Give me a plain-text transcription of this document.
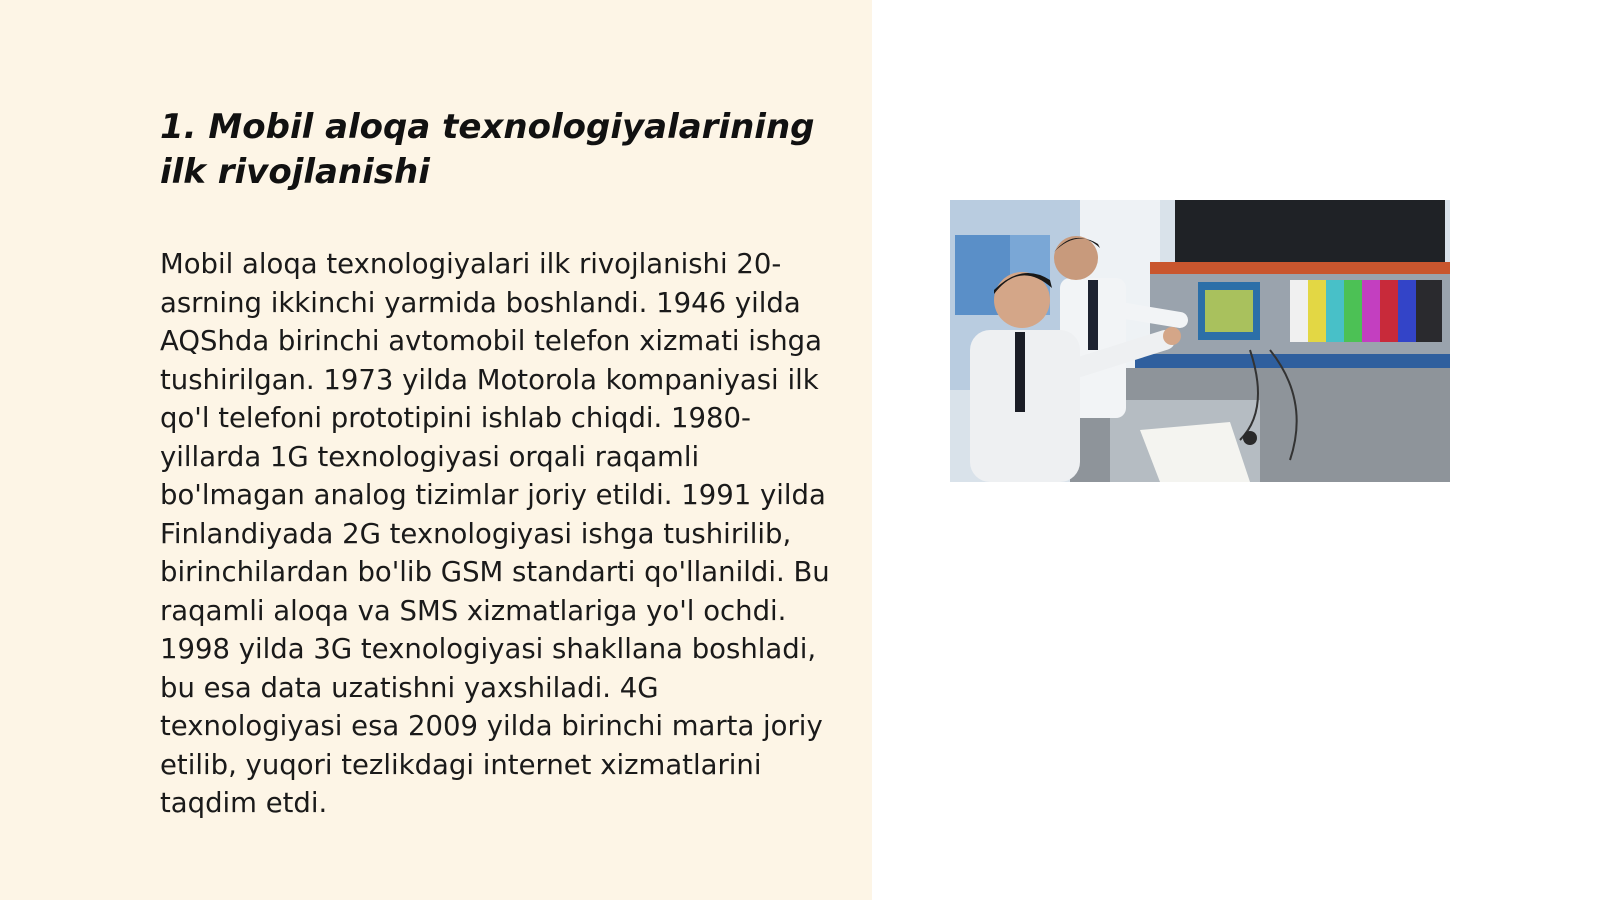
1. Mobil aloqa texnologiyalarining ilk rivojlanishi

Mobil aloqa texnologiyalari ilk rivojlanishi 20-asrning ikkinchi yarmida boshlandi. 1946 yilda AQShda birinchi avtomobil telefon xizmati ishga tushirilgan. 1973 yilda Motorola kompaniyasi ilk qo'l telefoni prototipini ishlab chiqdi. 1980-yillarda 1G texnologiyasi orqali raqamli bo'lmagan analog tizimlar joriy etildi. 1991 yilda Finlandiyada 2G texnologiyasi ishga tushirilib, birinchilardan bo'lib GSM standarti qo'llanildi. Bu raqamli aloqa va SMS xizmatlariga yo'l ochdi. 1998 yilda 3G texnologiyasi shakllana boshladi, bu esa data uzatishni yaxshiladi. 4G texnologiyasi esa 2009 yilda birinchi marta joriy etilib, yuqori tezlikdagi internet xizmatlarini taqdim etdi.
